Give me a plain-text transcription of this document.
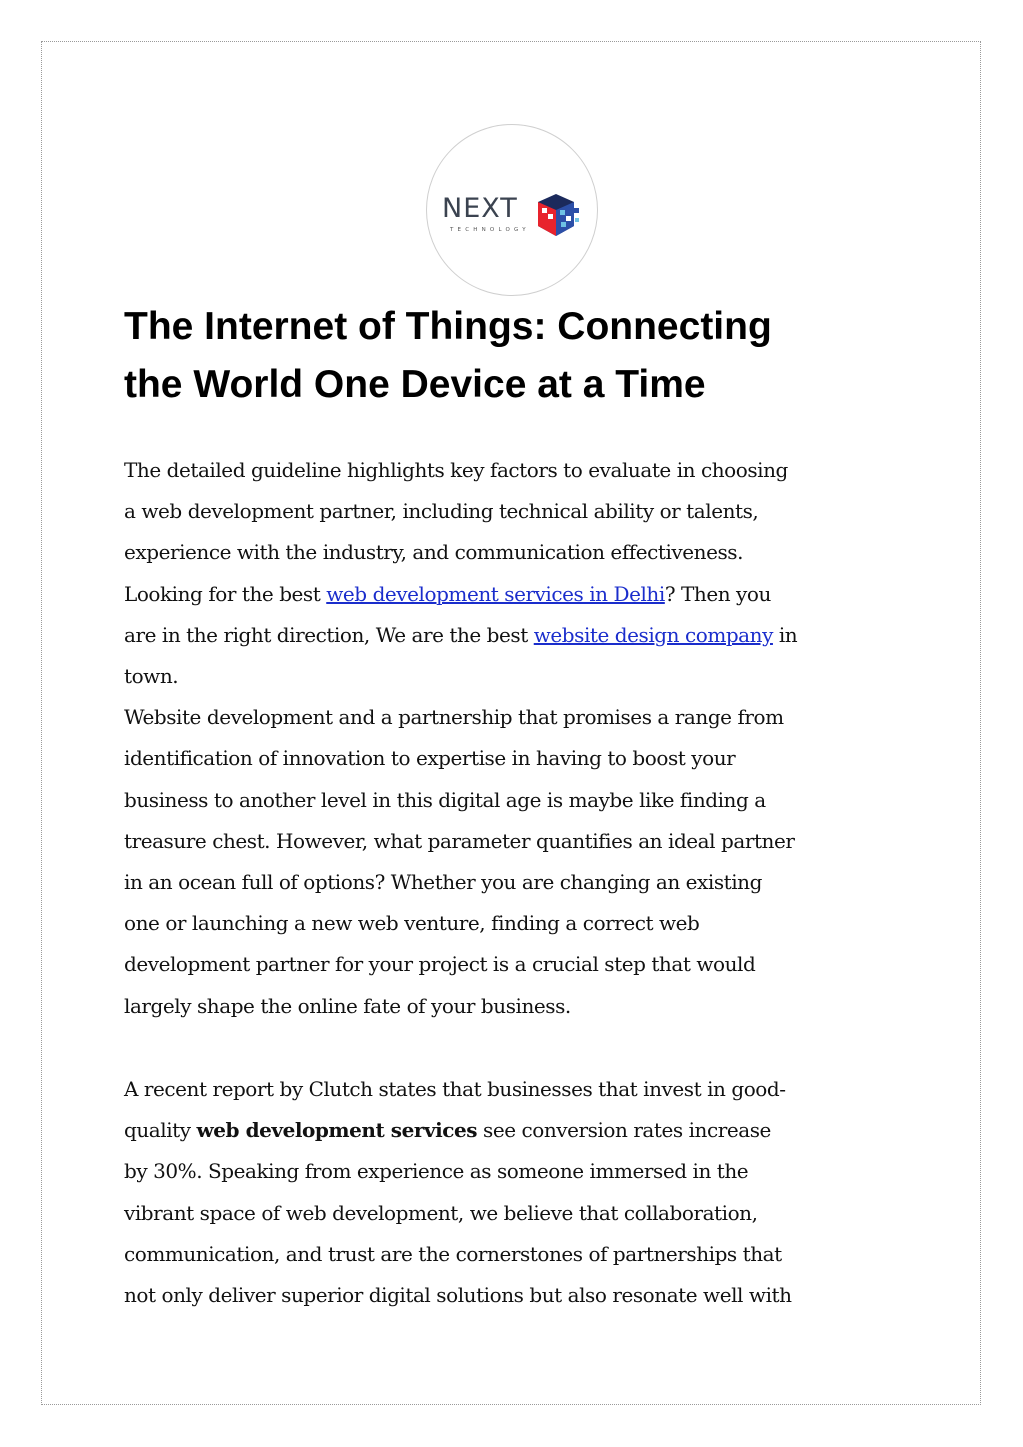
NEXT
TECHNOLOGY
The Internet of Things: Connecting
the World One Device at a Time
The detailed guideline highlights key factors to evaluate in choosing
a web development partner, including technical ability or talents,
experience with the industry, and communication effectiveness.
Looking for the best web development services in Delhi? Then you
are in the right direction, We are the best website design company in
town.
Website development and a partnership that promises a range from
identification of innovation to expertise in having to boost your
business to another level in this digital age is maybe like finding a
treasure chest. However, what parameter quantifies an ideal partner
in an ocean full of options? Whether you are changing an existing
one or launching a new web venture, finding a correct web
development partner for your project is a crucial step that would
largely shape the online fate of your business.
A recent report by Clutch states that businesses that invest in good-
quality web development services see conversion rates increase
by 30%. Speaking from experience as someone immersed in the
vibrant space of web development, we believe that collaboration,
communication, and trust are the cornerstones of partnerships that
not only deliver superior digital solutions but also resonate well with
